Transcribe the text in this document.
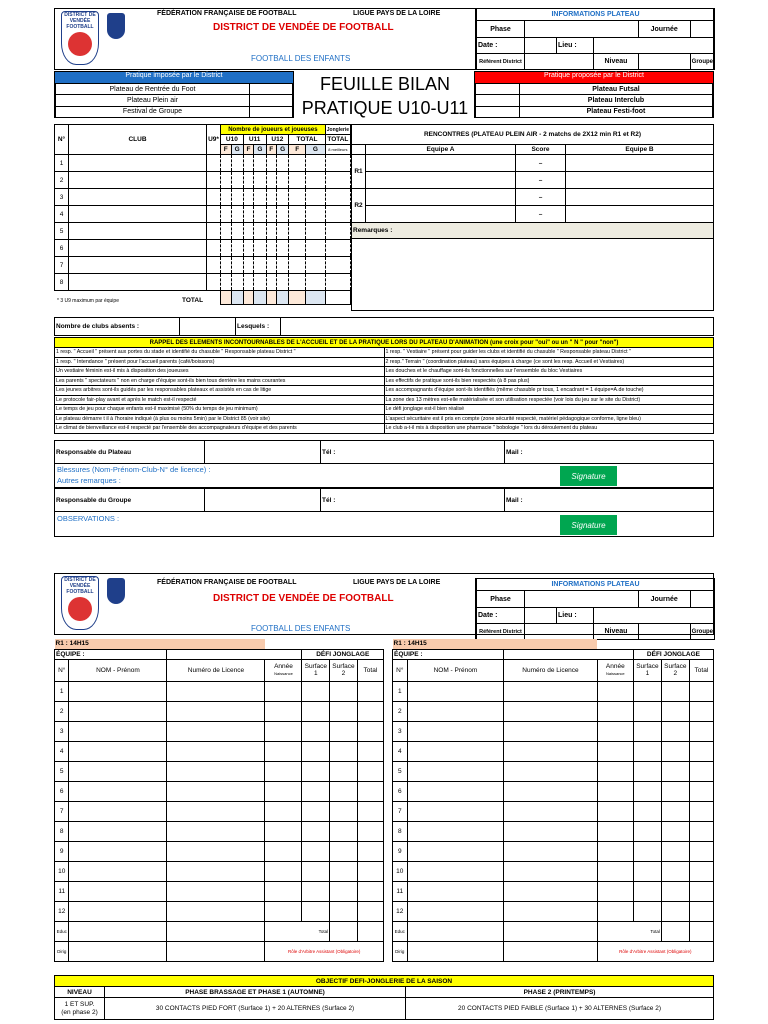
DISTRICT DE VENDÉE FOOTBALL
FÉDÉRATION FRANÇAISE DE FOOTBALL	LIGUE PAYS DE LA LOIRE
DISTRICT DE VENDÉE DE FOOTBALL
FOOTBALL DES ENFANTS
INFORMATIONS PLATEAU					
Phase				Journée	
Date :		Lieu :			
Référent District			Niveau		Groupe
Pratique imposée par le District
Plateau de Rentrée du Foot	
Plateau Plein air	
Festival de Groupe	
FEUILLE BILAN
PRATIQUE U10-U11
Pratique proposée par le District
	Plateau Futsal
	Plateau Interclub
	Plateau Festi-foot
N°	CLUB	U9*	Nombre de joueurs et joueuses								Jonglerie
			U10		U11		U12		TOTAL		TOTAL
			F	G	F	G	F	G	F	G	8 meilleurs
1											
2											
3											
4											
5											
6											
7											
8											

* 3 U9 maximum par équipe	TOTAL
RENCONTRES (PLATEAU PLEIN AIR - 2 matchs de 2X12 min R1 et R2)			
	Equipe A	Score	Equipe B
R1		–	
		–	
R2		–	
		–	
Remarques :			

Nombre de clubs absents :		Lesquels :	
RAPPEL DES ELEMENTS INCONTOURNABLES DE L'ACCUEIL ET DE LA PRATIQUE LORS DU PLATEAU D'ANIMATION (une croix pour "oui" ou un " N " pour "non")	
1 resp. " Accueil " présent aux portes du stade et identifié du chasuble " Responsable plateau District "	1 resp. " Vestiaire " présent pour guider les clubs et identifié du chasuble " Responsable plateau District "
1 resp. " Intendance " présent pour l'accueil parents (café/boissons)	2 resp." Terrain " (coordination plateau) sans équipes à charge (ce sont les resp. Accueil et Vestiaires)
Un vestiaire féminin est-il mis à disposition des joueuses	Les douches et le chauffage sont-ils fonctionnelles sur l'ensemble du bloc Vestiaires
Les parents " spectateurs " non en charge d'équipe sont-ils bien tous derrière les mains courantes	Les effectifs de pratique sont-ils bien respectés (à 8 pas plus)
Les jeunes arbitres sont-ils guidés par les responsables plateaux et assistés en cas de litige	Les accompagnants d'équipe sont-ils identifiés (même chasuble pr tous, 1 encadrant = 1 équipe=A.de touche)
Le protocole fair-play avant et après le match est-il respecté	La zone des 13 mètres est-elle matérialisée et son utilisation respectée (voir lois du jeu sur le site du District)
Le temps de jeu pour chaque enfants est-il maximisé (50% du temps de jeu minimum)	Le défi jonglage est-il bien réalisé
Le plateau démarre t il à l'horaire indiqué (à plus ou moins 5min) par le District 85 (voir site)	L'aspect sécuritaire est il pris en compte (zone sécurité respecté, matériel pédagogique conforme, ligne bleu)
Le climat de bienveillance est-il respecté par l'ensemble des accompagnateurs d'équipe et des parents	Le club a-t-il mis à disposition une pharmacie " bobologie " lors du déroulement du plateau
Responsable du Plateau		Tél :		Mail :	
Blessures (Nom-Prénom-Club-N° de licence) :
Autres remarques :	Signature
Responsable du Groupe		Tél :		Mail :	
OBSERVATIONS :
Signature
DISTRICT DE VENDÉE FOOTBALL
FÉDÉRATION FRANÇAISE DE FOOTBALL	LIGUE PAYS DE LA LOIRE
DISTRICT DE VENDÉE DE FOOTBALL
FOOTBALL DES ENFANTS
INFORMATIONS PLATEAU					
Phase				Journée	
Date :		Lieu :			
Référent District			Niveau		Groupe
R1 : 14H15						
ÉQUIPE :				DÉFI JONGLAGE		
N°	NOM - Prénom	Numéro de Licence	Année
Naissance	Surface 1	Surface 2	Total
1						
2						
3						
4						
5						
6						
7						
8						
9						
10						
11						
12						
Educ			Total			
Dirig			Rôle d'Arbitre Assistant (Obligatoire)			
R1 : 14H15						
ÉQUIPE :				DÉFI JONGLAGE		
N°	NOM - Prénom	Numéro de Licence	Année
Naissance	Surface 1	Surface 2	Total
1						
2						
3						
4						
5						
6						
7						
8						
9						
10						
11						
12						
Educ			Total			
Dirig			Rôle d'Arbitre Assistant (Obligatoire)			
OBJECTIF DEFI-JONGLERIE DE LA SAISON		
NIVEAU	PHASE BRASSAGE ET PHASE 1 (AUTOMNE)	PHASE 2 (PRINTEMPS)
1 ET SUP.
(en phase 2)	30 CONTACTS PIED FORT (Surface 1) + 20 ALTERNES (Surface 2)	20 CONTACTS PIED FAIBLE (Surface 1) + 30 ALTERNES (Surface 2)
